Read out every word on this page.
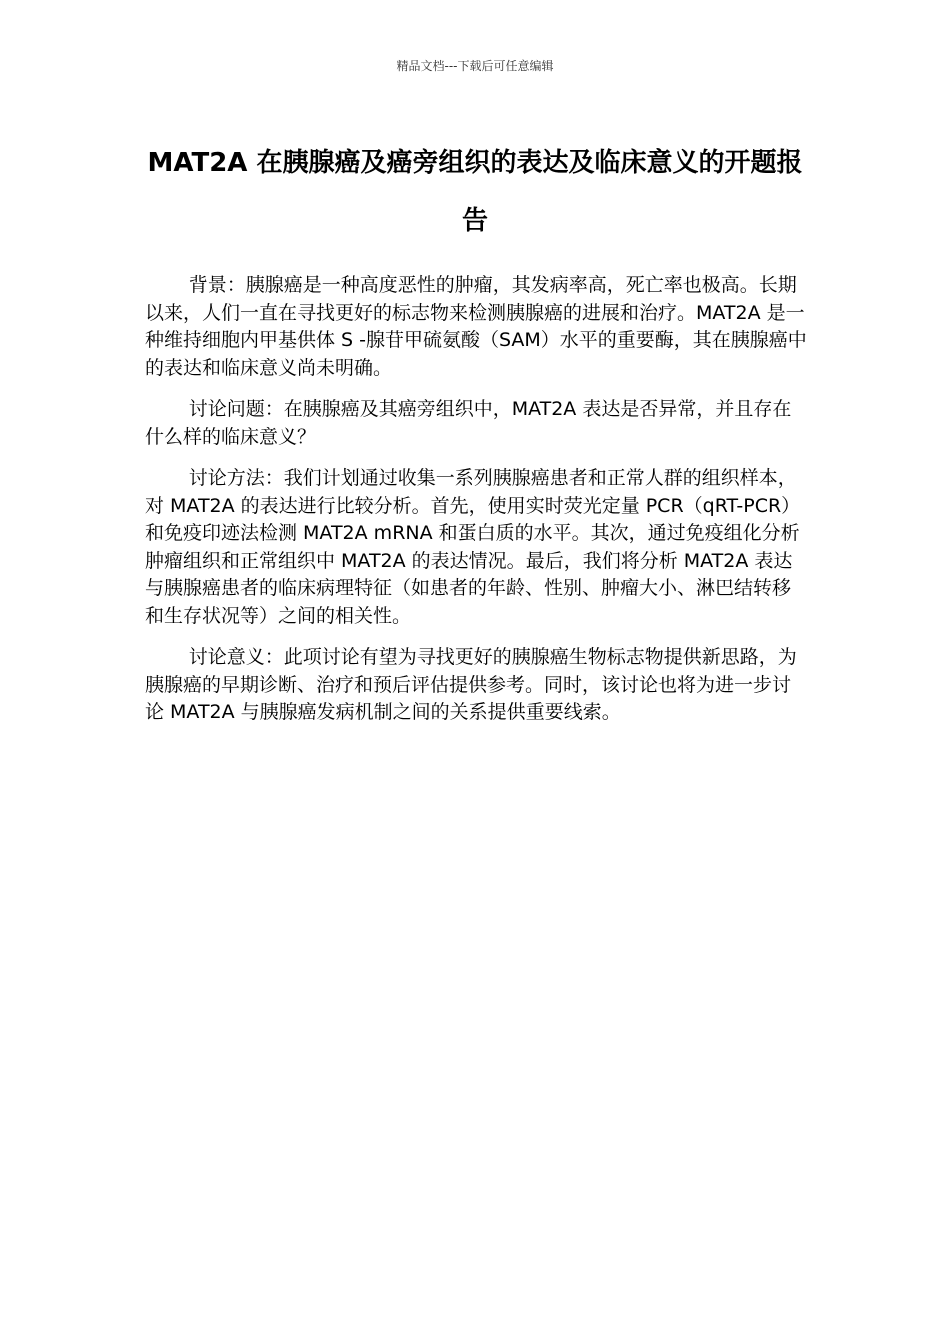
精品文档---下载后可任意编辑
MAT2A 在胰腺癌及癌旁组织的表达及临床意义的开题报告

背景：胰腺癌是一种高度恶性的肿瘤，其发病率高，死亡率也极高。长期以来，人们一直在寻找更好的标志物来检测胰腺癌的进展和治疗。MAT2A 是一种维持细胞内甲基供体 S -腺苷甲硫氨酸（SAM）水平的重要酶，其在胰腺癌中的表达和临床意义尚未明确。

讨论问题：在胰腺癌及其癌旁组织中，MAT2A 表达是否异常，并且存在什么样的临床意义？

讨论方法：我们计划通过收集一系列胰腺癌患者和正常人群的组织样本，对 MAT2A 的表达进行比较分析。首先，使用实时荧光定量 PCR（qRT-PCR）和免疫印迹法检测 MAT2A mRNA 和蛋白质的水平。其次，通过免疫组化分析肿瘤组织和正常组织中 MAT2A 的表达情况。最后，我们将分析 MAT2A 表达与胰腺癌患者的临床病理特征（如患者的年龄、性别、肿瘤大小、淋巴结转移和生存状况等）之间的相关性。

讨论意义：此项讨论有望为寻找更好的胰腺癌生物标志物提供新思路，为胰腺癌的早期诊断、治疗和预后评估提供参考。同时，该讨论也将为进一步讨论 MAT2A 与胰腺癌发病机制之间的关系提供重要线索。
